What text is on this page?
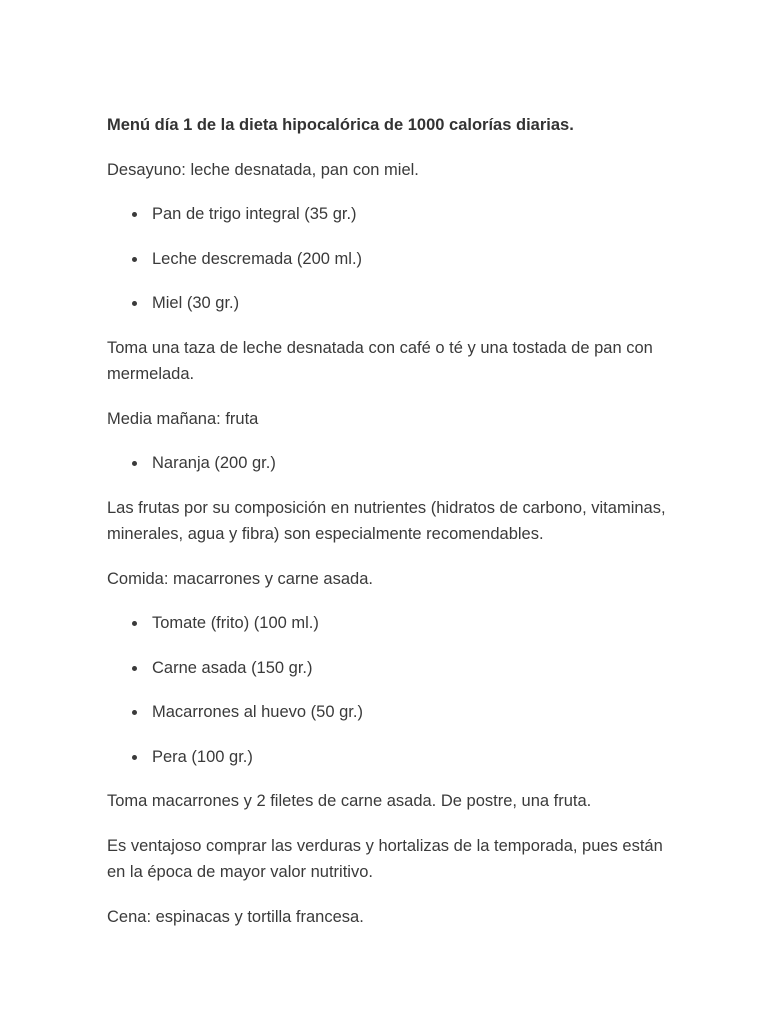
Menú día 1 de la dieta hipocalórica de 1000 calorías diarias.

Desayuno: leche desnatada, pan con miel.

Pan de trigo integral (35 gr.)
Leche descremada (200 ml.)
Miel (30 gr.)

Toma una taza de leche desnatada con café o té y una tostada de pan con mermelada.

Media mañana: fruta

Naranja (200 gr.)

Las frutas por su composición en nutrientes (hidratos de carbono, vitaminas, minerales, agua y fibra) son especialmente recomendables.

Comida: macarrones y carne asada.

Tomate (frito) (100 ml.)
Carne asada (150 gr.)
Macarrones al huevo (50 gr.)
Pera (100 gr.)

Toma macarrones y 2 filetes de carne asada. De postre, una fruta.

Es ventajoso comprar las verduras y hortalizas de la temporada, pues están en la época de mayor valor nutritivo.

Cena: espinacas y tortilla francesa.
